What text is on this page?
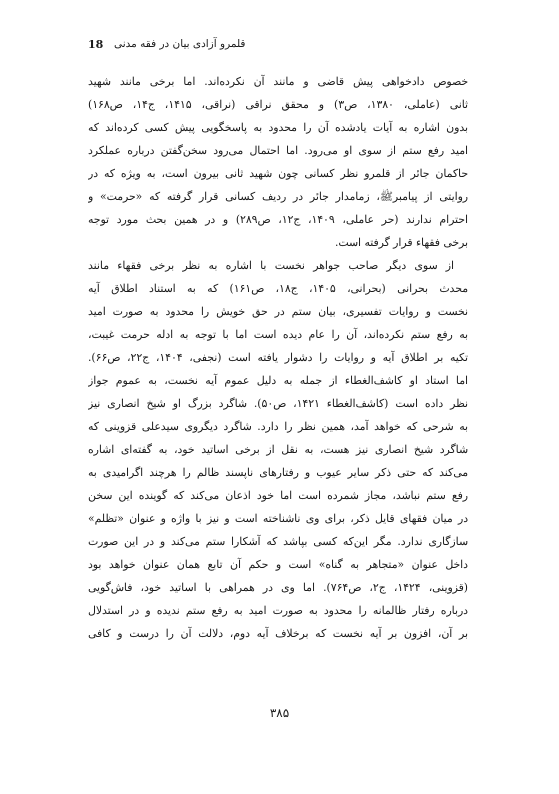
18 قلمرو آزادی بیان در فقه مدنی
خصوص دادخواهی پیش قاضی و مانند آن نکرده‌اند. اما برخی مانند شهید
ثانی (عاملی، ۱۳۸۰، ص۳) و محقق نراقی (نراقی، ۱۴۱۵، ج۱۴، ص۱۶۸)
بدون اشاره به آیات یادشده آن را محدود به پاسخگویی پیش کسی کرده‌اند که
امید رفع ستم از سوی او می‌رود. اما احتمال می‌رود سخن‌گفتن درباره عملکرد
حاکمان جائر از قلمرو نظر کسانی چون شهید ثانی بیرون است، به ویژه که در
روایتی از پیامبرﷺ، زمامدار جائر در ردیف کسانی قرار گرفته که «حرمت» و
احترام ندارند (حر عاملی، ۱۴۰۹، ج۱۲، ص۲۸۹) و در همین بحث مورد توجه
برخی فقهاء قرار گرفته است.
از سوی دیگر صاحب جواهر نخست با اشاره به نظر برخی فقهاء مانند
محدث بحرانی (بحرانی، ۱۴۰۵، ج۱۸، ص۱۶۱) که به استناد اطلاق آیه
نخست و روایات تفسیری، بیان ستم در حق خویش را محدود به صورت امید
به رفع ستم نکرده‌اند، آن را عام دیده است اما با توجه به ادله حرمت غیبت،
تکیه بر اطلاق آیه و روایات را دشوار یافته است (نجفی، ۱۴۰۴، ج۲۲، ص۶۶).
اما استاد او کاشف‌الغطاء از جمله به دلیل عموم آیه نخست، به عموم جواز
نظر داده است (کاشف‌الغطاء ۱۴۲۱، ص۵۰). شاگرد بزرگ او شیخ انصاری نیز
به شرحی که خواهد آمد، همین نظر را دارد. شاگرد دیگروی سیدعلی قزوینی که
شاگرد شیخ انصاری نیز هست، به نقل از برخی اساتید خود، به گفته‌ای اشاره
می‌کند که حتی ذکر سایر عیوب و رفتارهای ناپسند ظالم را هرچند اگرامیدی به
رفع ستم نباشد، مجاز شمرده است اما خود اذعان می‌کند که گوینده این سخن
در میان فقهای قایل ذکر، برای وی ناشناخته است و نیز با واژه و عنوان «تظلم»
سازگاری ندارد. مگر این‌که کسی بپاشد که آشکارا ستم می‌کند و در این صورت
داخل عنوان «متجاهر به گناه» است و حکم آن تابع همان عنوان خواهد بود
(قزوینی، ۱۴۲۴، ج۲، ص۷۶۴). اما وی در همراهی با اساتید خود، فاش‌گویی
درباره رفتار ظالمانه را محدود به صورت امید به رفع ستم ندیده و در استدلال
بر آن، افزون بر آیه نخست که برخلاف آیه دوم، دلالت آن را درست و کافی
۳۸۵
